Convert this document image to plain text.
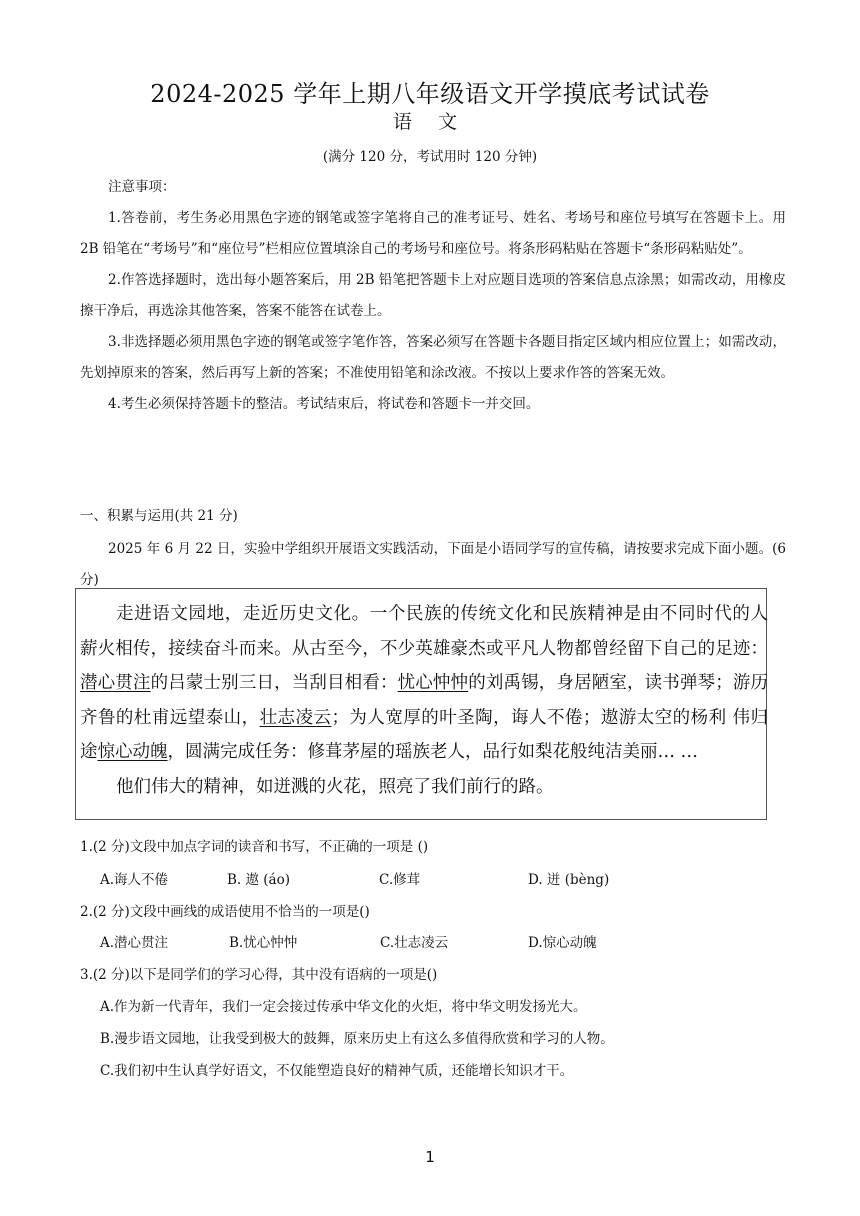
2024-2025 学年上期八年级语文开学摸底考试试卷
语 文
(满分 120 分，考试用时 120 分钟)
注意事项：

1.答卷前，考生务必用黑色字迹的钢笔或签字笔将自己的准考证号、姓名、考场号和座位号填写在答题卡上。用 2B 铅笔在“考场号”和“座位号”栏相应位置填涂自己的考场号和座位号。将条形码粘贴在答题卡“条形码粘贴处”。

2.作答选择题时，选出每小题答案后，用 2B 铅笔把答题卡上对应题目选项的答案信息点涂黑；如需改动，用橡皮擦干净后，再选涂其他答案，答案不能答在试卷上。

3.非选择题必须用黑色字迹的钢笔或签字笔作答，答案必须写在答题卡各题目指定区域内相应位置上；如需改动，先划掉原来的答案，然后再写上新的答案；不准使用铅笔和涂改液。不按以上要求作答的答案无效。

4.考生必须保持答题卡的整洁。考试结束后，将试卷和答题卡一并交回。

一、积累与运用(共 21 分)

2025 年 6 月 22 日，实验中学组织开展语文实践活动，下面是小语同学写的宣传稿，请按要求完成下面小题。(6 分)

走进语文园地，走近历史文化。一个民族的传统文化和民族精神是由不同时代的人 薪火相传，接续奋斗而来。从古至今，不少英雄豪杰或平凡人物都曾经留下自己的足迹：潜心贯注的吕蒙士别三日，当刮目相看：忧心忡忡的刘禹锡，身居陋室，读书弹琴；游历齐鲁的杜甫远望泰山，壮志凌云；为人宽厚的叶圣陶，诲人不倦；遨游太空的杨利 伟归途惊心动魄，圆满完成任务：修葺茅屋的瑶族老人，品行如梨花般纯洁美丽… …

他们伟大的精神，如迸溅的火花，照亮了我们前行的路。

1.(2 分)文段中加点字词的读音和书写，不正确的一项是 ()
A.诲人不倦	B. 遨 (áo)	C.修茸	D. 迸 (bèng)
2.(2 分)文段中画线的成语使用不恰当的一项是()
A.潜心贯注	B.忧心忡忡	C.壮志凌云	D.惊心动魄
3.(2 分)以下是同学们的学习心得，其中没有语病的一项是()
A.作为新一代青年，我们一定会接过传承中华文化的火炬，将中华文明发扬光大。
B.漫步语文园地，让我受到极大的鼓舞，原来历史上有这么多值得欣赏和学习的人物。
C.我们初中生认真学好语文，不仅能塑造良好的精神气质，还能增长知识才干。
1
